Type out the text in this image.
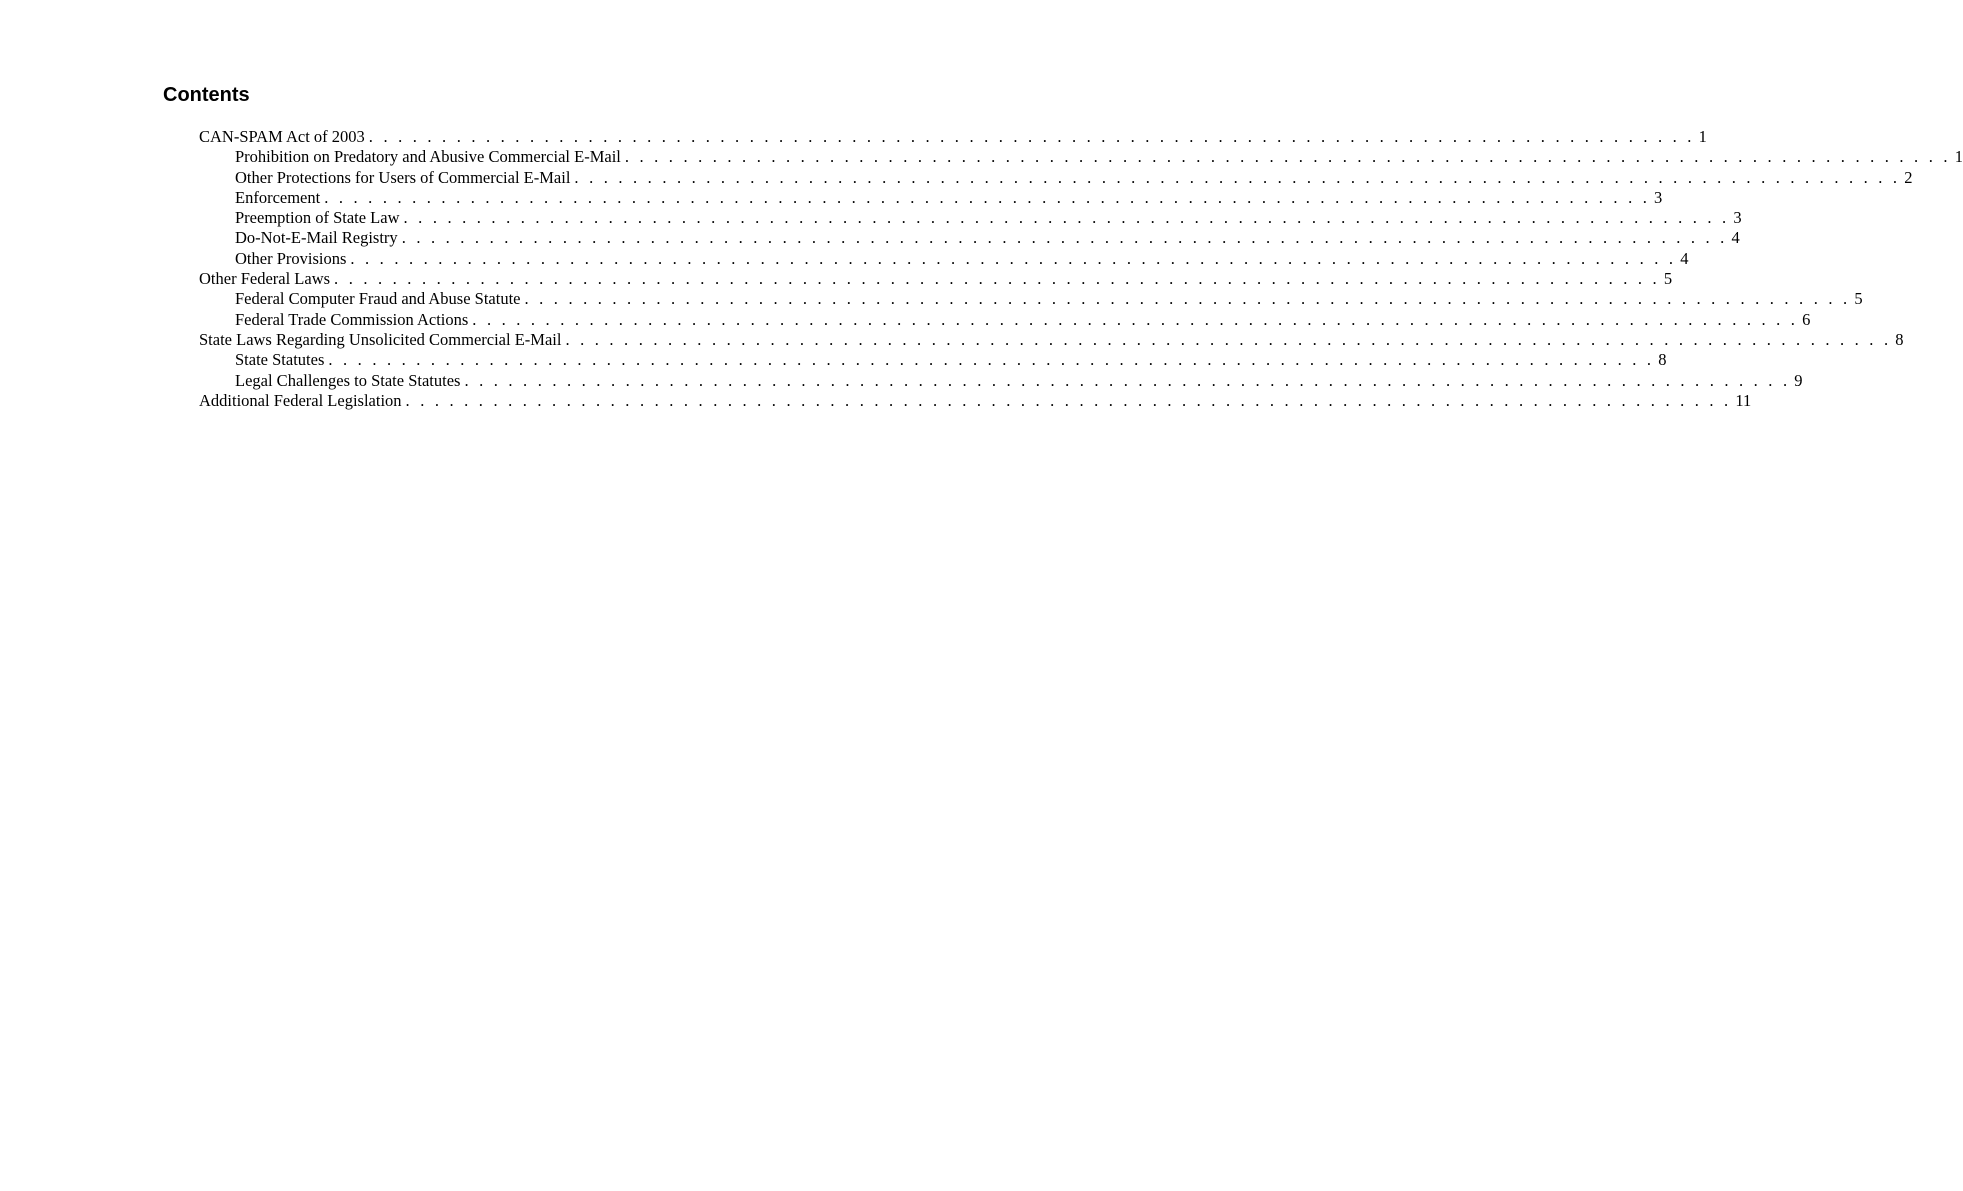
Contents
CAN-SPAM Act of 2003 . . . . . . . . . . . . . . . . . . . . . . . . . . . . . . . . . . . . . . . . . . . . . . . . . . . . . . . . . . . . . . . . . . . . . . . . . . . . . . . . . . . . . . . . . . . 1
Prohibition on Predatory and Abusive Commercial E-Mail . . . . . . . . . . . . . . . . . . . . . . . . . . . . . . . . . . . . . . . . . . . . . . . . . . . . . . . . . . . . . . . . . . . . . . . . . . . . . . . . . . . . . . . . . . . 1
Other Protections for Users of Commercial E-Mail . . . . . . . . . . . . . . . . . . . . . . . . . . . . . . . . . . . . . . . . . . . . . . . . . . . . . . . . . . . . . . . . . . . . . . . . . . . . . . . . . . . . . . . . . . . 2
Enforcement . . . . . . . . . . . . . . . . . . . . . . . . . . . . . . . . . . . . . . . . . . . . . . . . . . . . . . . . . . . . . . . . . . . . . . . . . . . . . . . . . . . . . . . . . . . 3
Preemption of State Law . . . . . . . . . . . . . . . . . . . . . . . . . . . . . . . . . . . . . . . . . . . . . . . . . . . . . . . . . . . . . . . . . . . . . . . . . . . . . . . . . . . . . . . . . . . 3
Do-Not-E-Mail Registry . . . . . . . . . . . . . . . . . . . . . . . . . . . . . . . . . . . . . . . . . . . . . . . . . . . . . . . . . . . . . . . . . . . . . . . . . . . . . . . . . . . . . . . . . . . 4
Other Provisions . . . . . . . . . . . . . . . . . . . . . . . . . . . . . . . . . . . . . . . . . . . . . . . . . . . . . . . . . . . . . . . . . . . . . . . . . . . . . . . . . . . . . . . . . . . 4
Other Federal Laws . . . . . . . . . . . . . . . . . . . . . . . . . . . . . . . . . . . . . . . . . . . . . . . . . . . . . . . . . . . . . . . . . . . . . . . . . . . . . . . . . . . . . . . . . . . 5
Federal Computer Fraud and Abuse Statute . . . . . . . . . . . . . . . . . . . . . . . . . . . . . . . . . . . . . . . . . . . . . . . . . . . . . . . . . . . . . . . . . . . . . . . . . . . . . . . . . . . . . . . . . . . 5
Federal Trade Commission Actions . . . . . . . . . . . . . . . . . . . . . . . . . . . . . . . . . . . . . . . . . . . . . . . . . . . . . . . . . . . . . . . . . . . . . . . . . . . . . . . . . . . . . . . . . . . 6
State Laws Regarding Unsolicited Commercial E-Mail . . . . . . . . . . . . . . . . . . . . . . . . . . . . . . . . . . . . . . . . . . . . . . . . . . . . . . . . . . . . . . . . . . . . . . . . . . . . . . . . . . . . . . . . . . . 8
State Statutes . . . . . . . . . . . . . . . . . . . . . . . . . . . . . . . . . . . . . . . . . . . . . . . . . . . . . . . . . . . . . . . . . . . . . . . . . . . . . . . . . . . . . . . . . . . 8
Legal Challenges to State Statutes . . . . . . . . . . . . . . . . . . . . . . . . . . . . . . . . . . . . . . . . . . . . . . . . . . . . . . . . . . . . . . . . . . . . . . . . . . . . . . . . . . . . . . . . . . . 9
Additional Federal Legislation . . . . . . . . . . . . . . . . . . . . . . . . . . . . . . . . . . . . . . . . . . . . . . . . . . . . . . . . . . . . . . . . . . . . . . . . . . . . . . . . . . . . . . . . . . . 11
